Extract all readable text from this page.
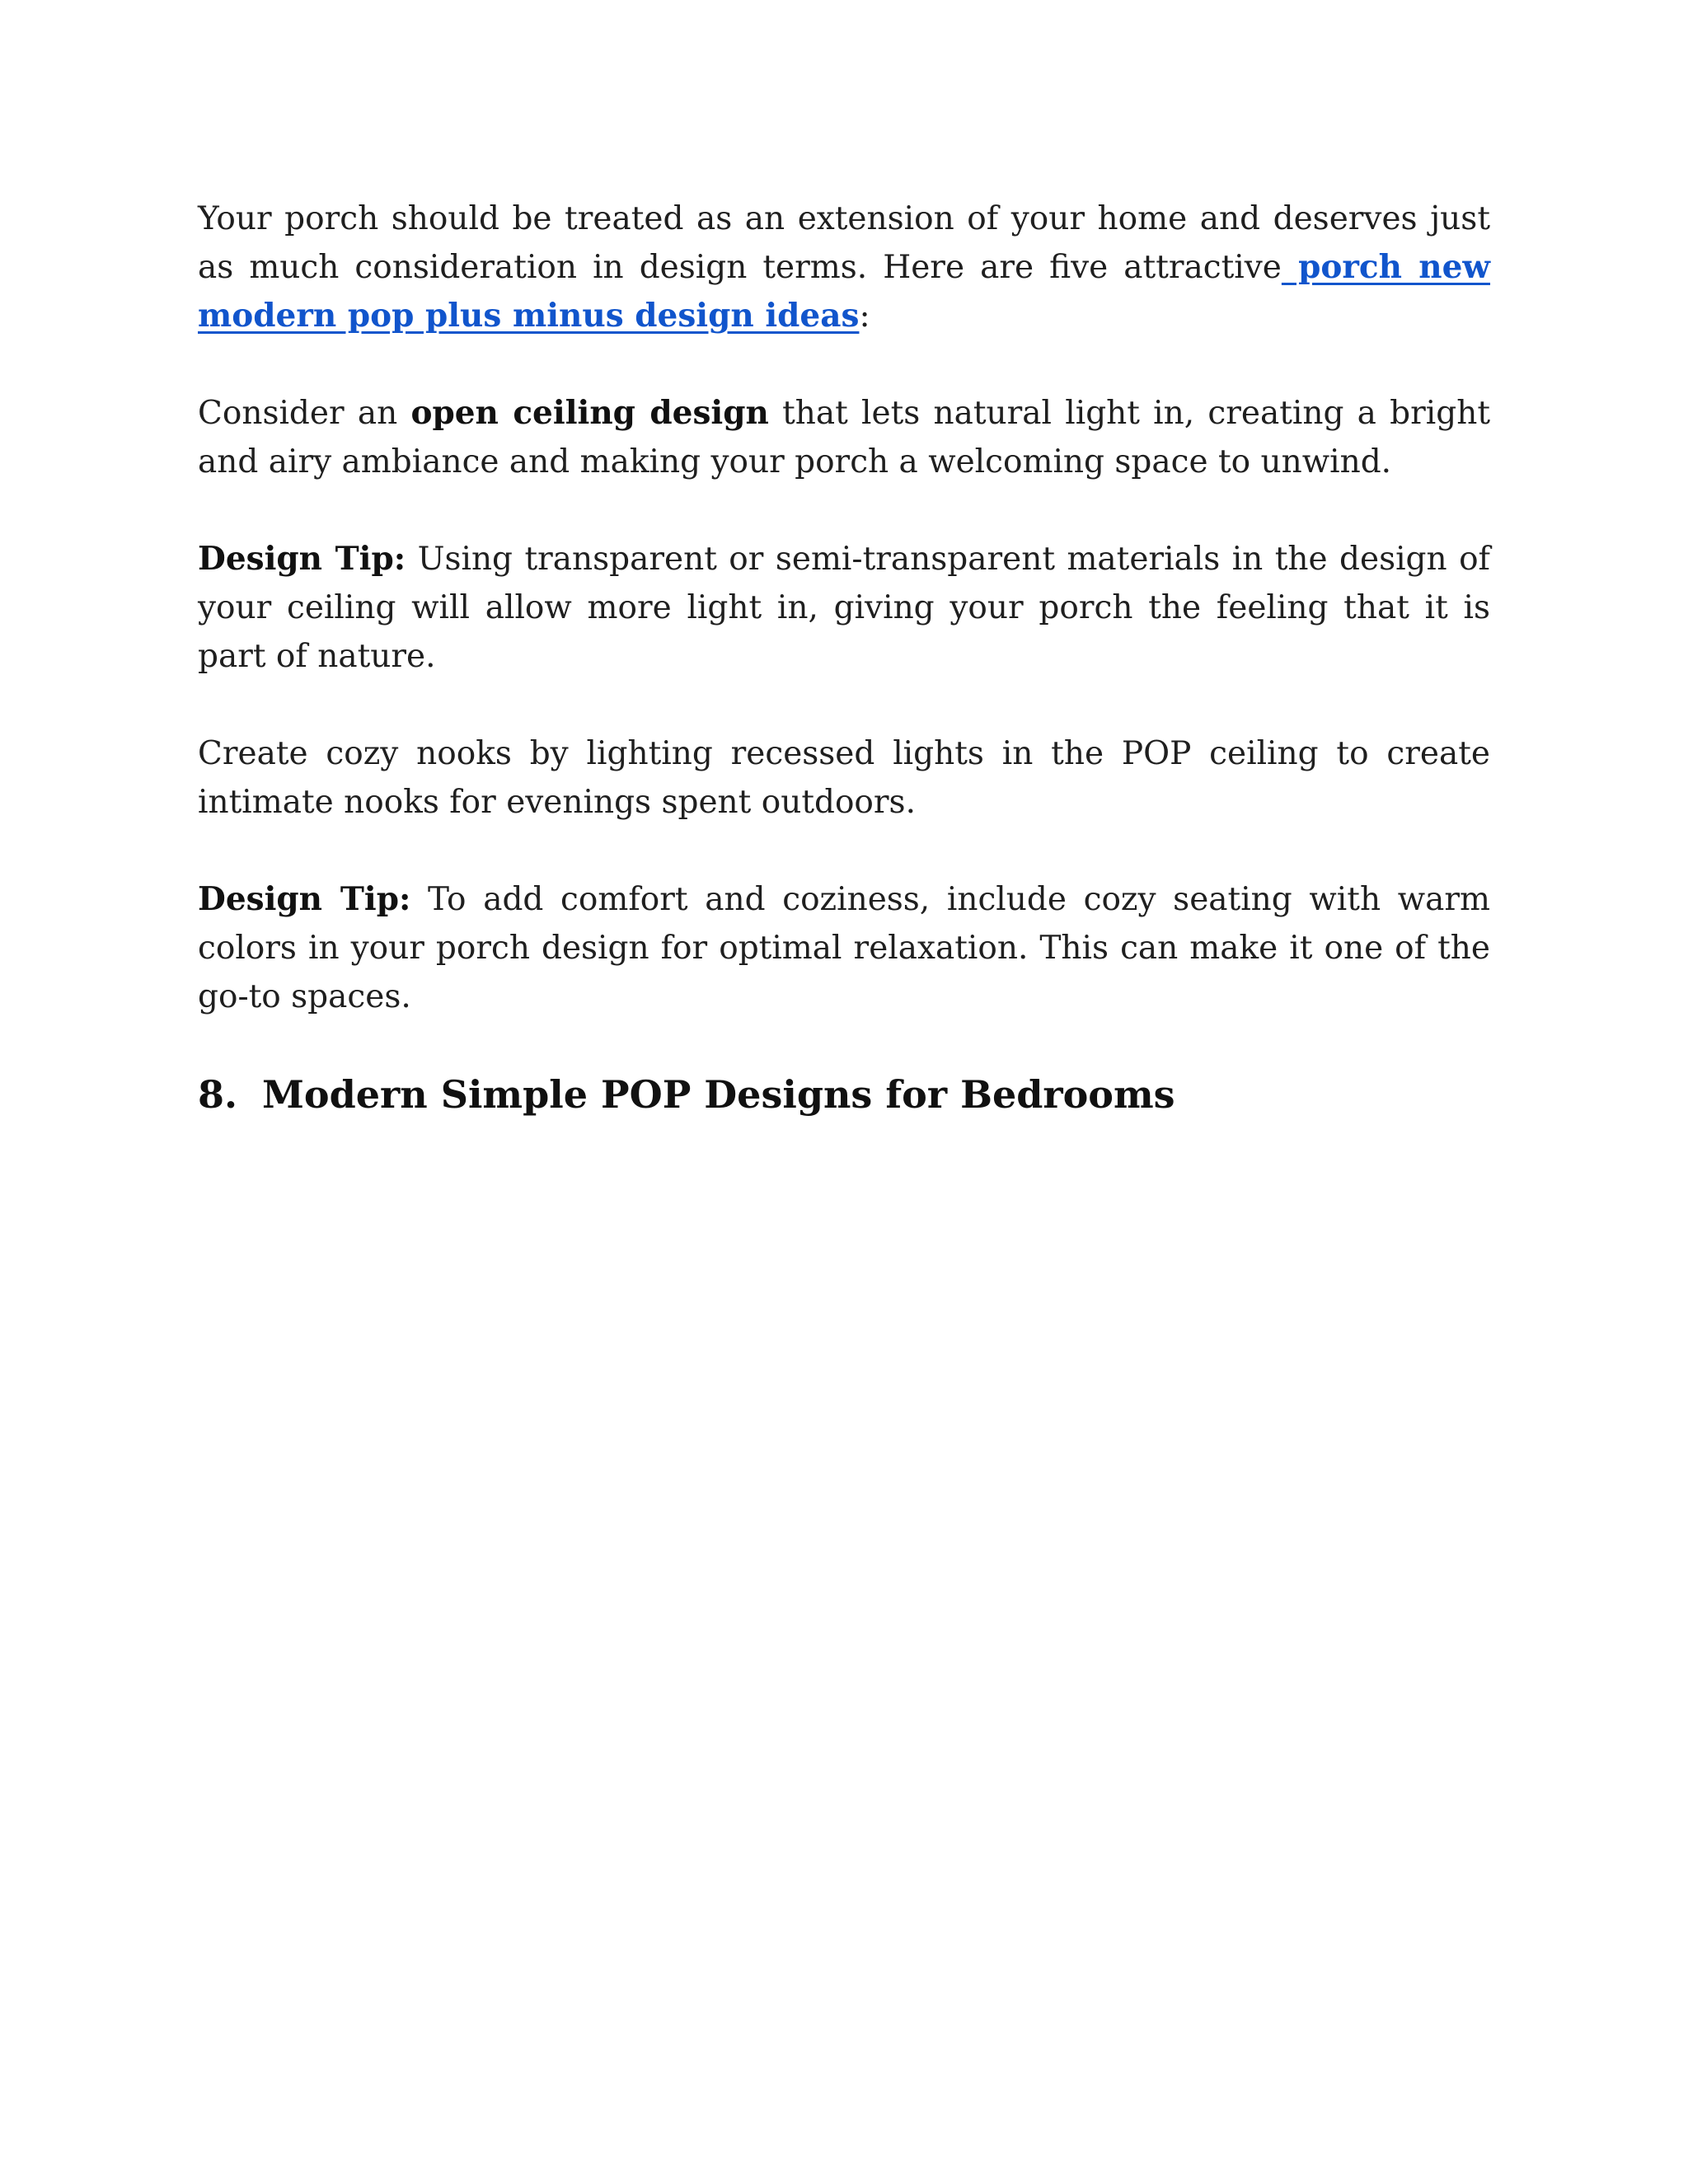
Your porch should be treated as an extension of your home and deserves just as much consideration in design terms. Here are five attractive porch new modern pop plus minus design ideas:

Consider an open ceiling design that lets natural light in, creating a bright and airy ambiance and making your porch a welcoming space to unwind.

Design Tip: Using transparent or semi-transparent materials in the design of your ceiling will allow more light in, giving your porch the feeling that it is part of nature.

Create cozy nooks by lighting recessed lights in the POP ceiling to create intimate nooks for evenings spent outdoors.

Design Tip: To add comfort and coziness, include cozy seating with warm colors in your porch design for optimal relaxation. This can make it one of the go-to spaces.

8. Modern Simple POP Designs for Bedrooms
